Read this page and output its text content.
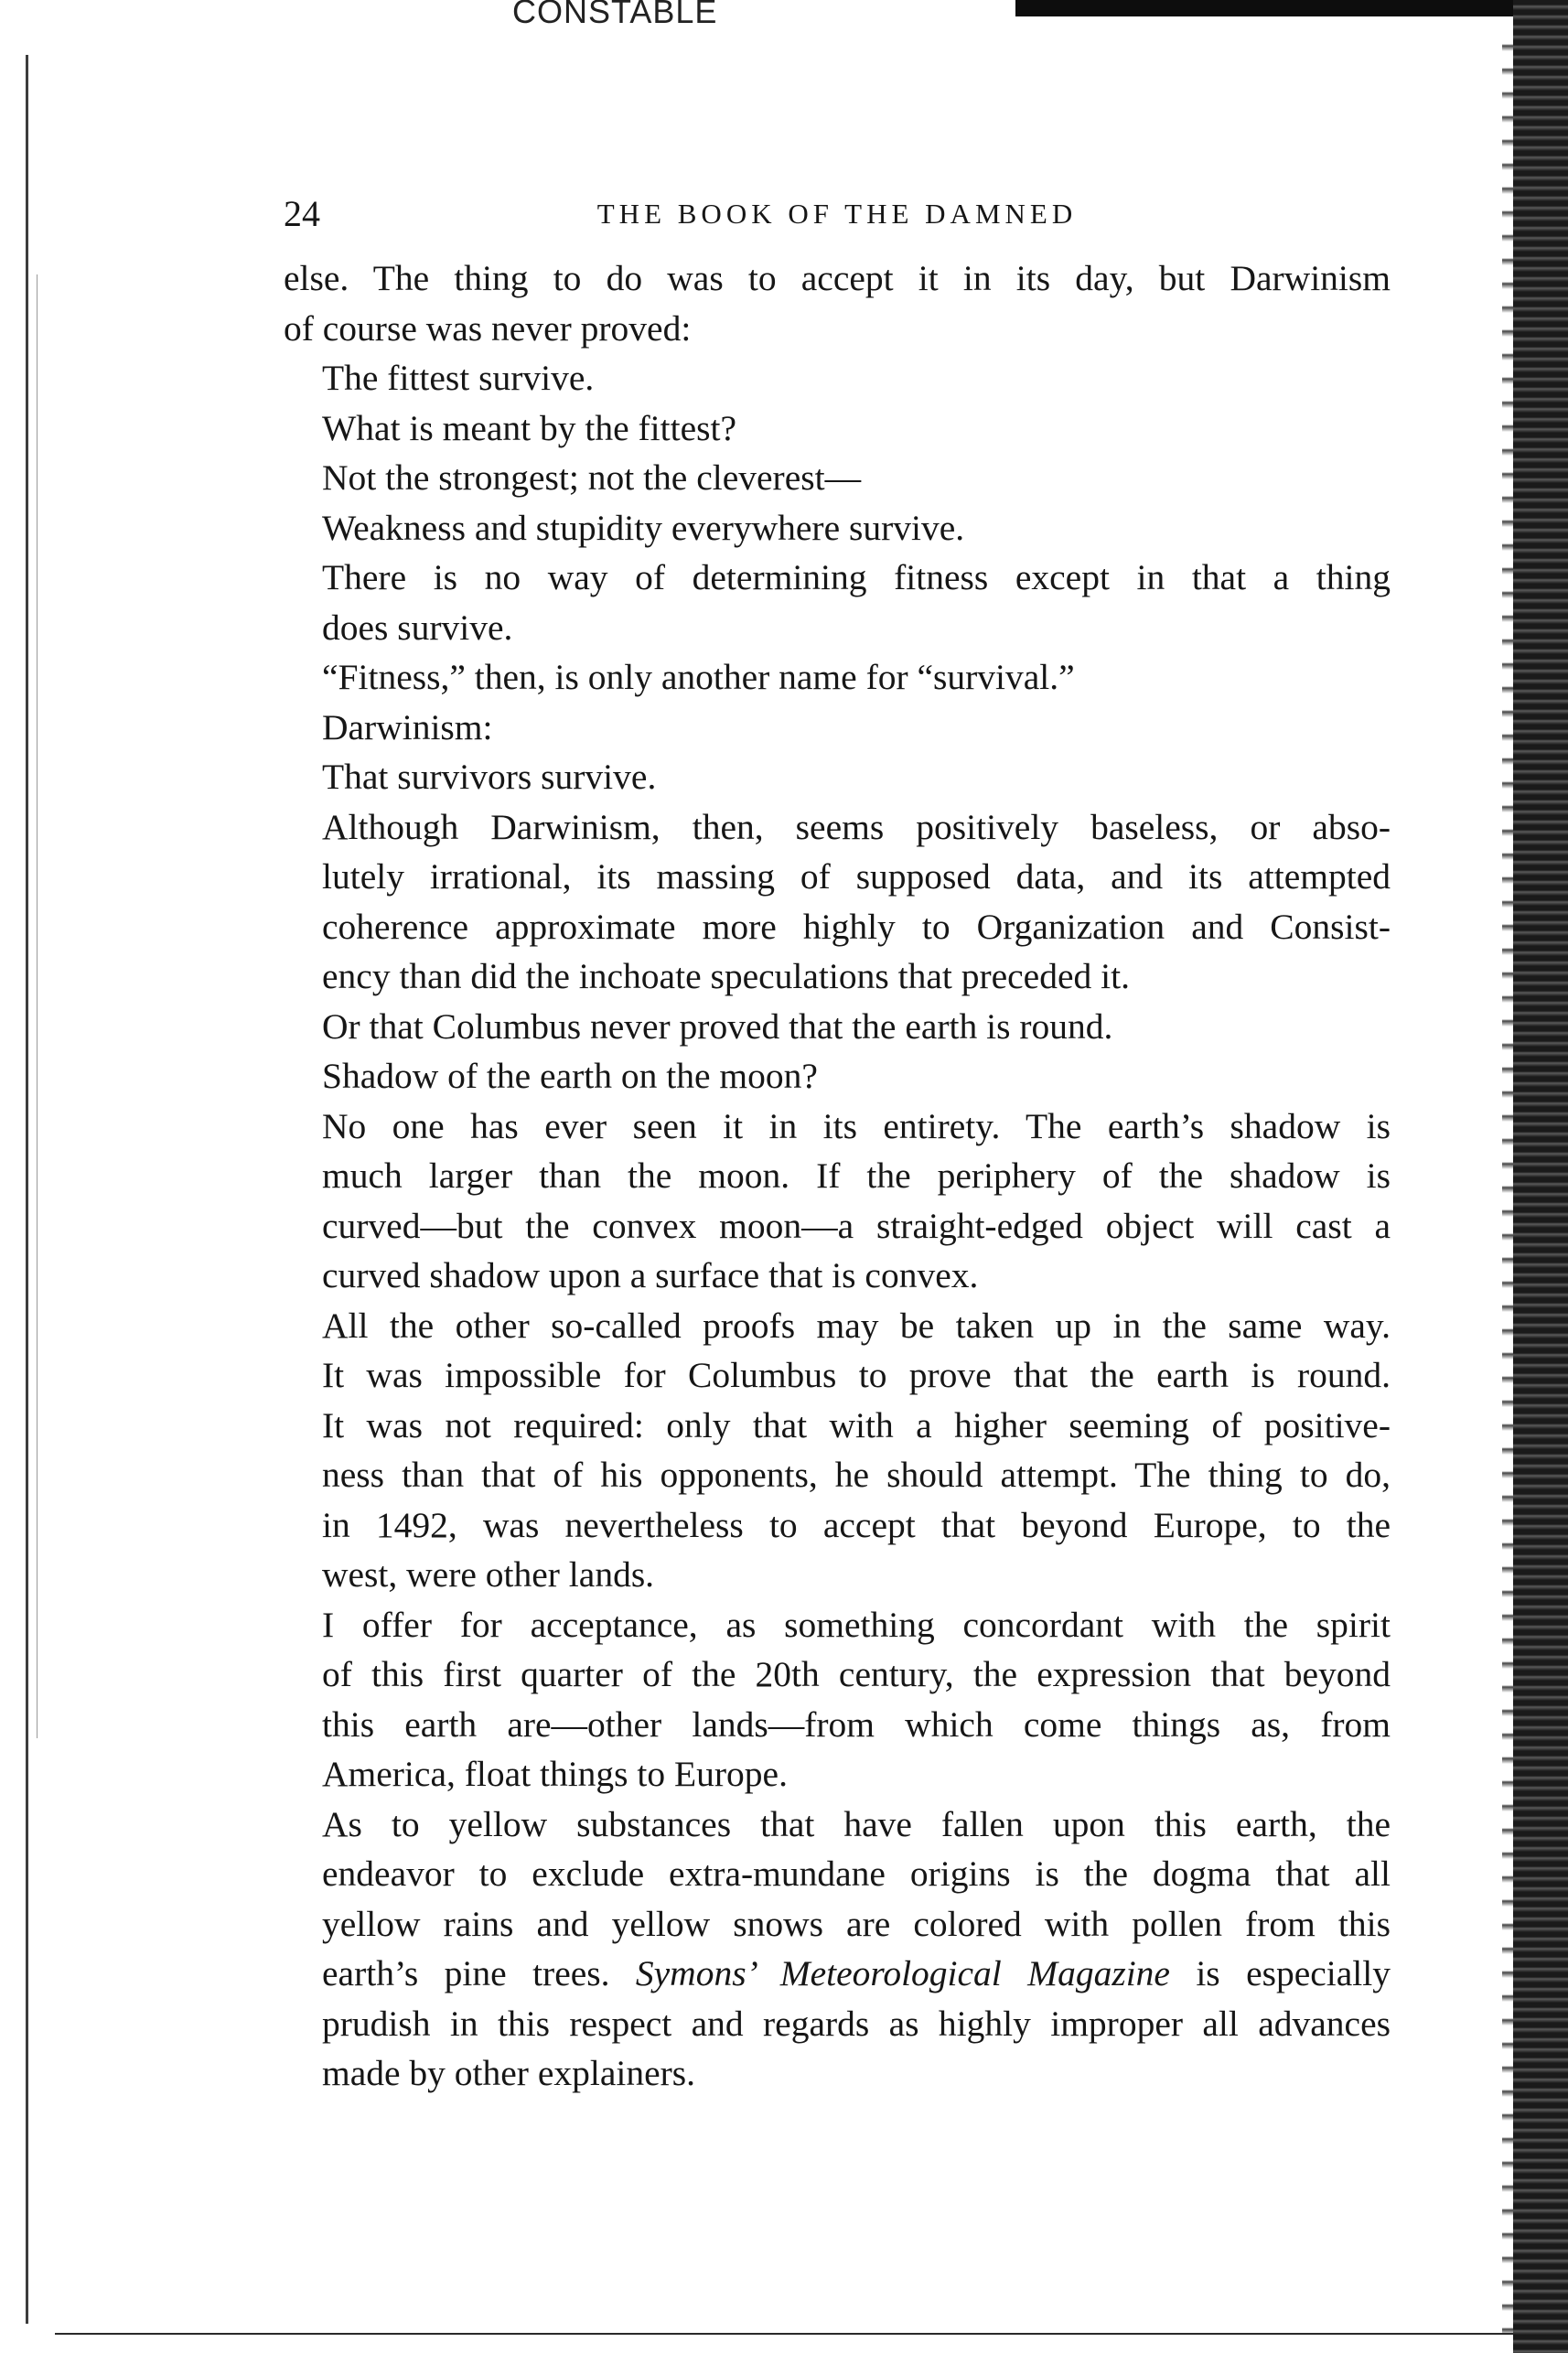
CONSTABLE
24	THE BOOK OF THE DAMNED
else. The thing to do was to accept it in its day, but Darwinism
of course was never proved:
The fittest survive.
What is meant by the fittest?
Not the strongest; not the cleverest—
Weakness and stupidity everywhere survive.
There is no way of determining fitness except in that a thing
does survive.
“Fitness,” then, is only another name for “survival.”
Darwinism:
That survivors survive.
Although Darwinism, then, seems positively baseless, or abso-
lutely irrational, its massing of supposed data, and its attempted
coherence approximate more highly to Organization and Consist-
ency than did the inchoate speculations that preceded it.
Or that Columbus never proved that the earth is round.
Shadow of the earth on the moon?
No one has ever seen it in its entirety. The earth’s shadow is
much larger than the moon. If the periphery of the shadow is
curved—but the convex moon—a straight-edged object will cast a
curved shadow upon a surface that is convex.
All the other so-called proofs may be taken up in the same way.
It was impossible for Columbus to prove that the earth is round.
It was not required: only that with a higher seeming of positive-
ness than that of his opponents, he should attempt. The thing to do,
in 1492, was nevertheless to accept that beyond Europe, to the
west, were other lands.
I offer for acceptance, as something concordant with the spirit
of this first quarter of the 20th century, the expression that beyond
this earth are—other lands—from which come things as, from
America, float things to Europe.
As to yellow substances that have fallen upon this earth, the
endeavor to exclude extra-mundane origins is the dogma that all
yellow rains and yellow snows are colored with pollen from this
earth’s pine trees. Symons’ Meteorological Magazine is especially
prudish in this respect and regards as highly improper all advances
made by other explainers.
